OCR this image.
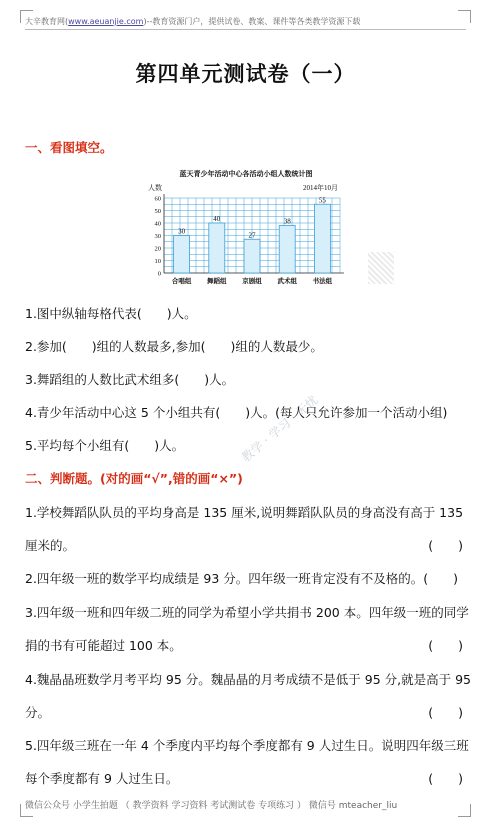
大辛教育网(www.aeuanjie.com)--教育资源门户，提供试卷、教案、课件等各类教学资源下载
第四单元测试卷（一）
一、看图填空。
蓝天青少年活动中心各活动小组人数统计图
人数	2014年10月
0
10
20
30
40
50
60
30
合唱组
40
舞蹈组
27
京剧组
38
武术组
55
书法组
教学 · 学习 · 无忧
1.图中纵轴每格代表(　　)人。
2.参加(　　)组的人数最多,参加(　　)组的人数最少。
3.舞蹈组的人数比武术组多(　　)人。
4.青少年活动中心这 5 个小组共有(　　)人。(每人只允许参加一个活动小组)
5.平均每个小组有(　　)人。
二、判断题。(对的画“√”,错的画“×”)
1.学校舞蹈队队员的平均身高是 135 厘米,说明舞蹈队队员的身高没有高于 135
厘米的。	(　　)
2.四年级一班的数学平均成绩是 93 分。四年级一班肯定没有不及格的。(　　)
3.四年级一班和四年级二班的同学为希望小学共捐书 200 本。四年级一班的同学
捐的书有可能超过 100 本。	(　　)
4.魏晶晶班数学月考平均 95 分。魏晶晶的月考成绩不是低于 95 分,就是高于 95
分。	(　　)
5.四年级三班在一年 4 个季度内平均每个季度都有 9 人过生日。说明四年级三班
每个季度都有 9 人过生日。	(　　)
微信公众号 小学生拍题 （ 教学资料 学习资料 考试测试卷 专项练习 ） 微信号 mteacher_liu
